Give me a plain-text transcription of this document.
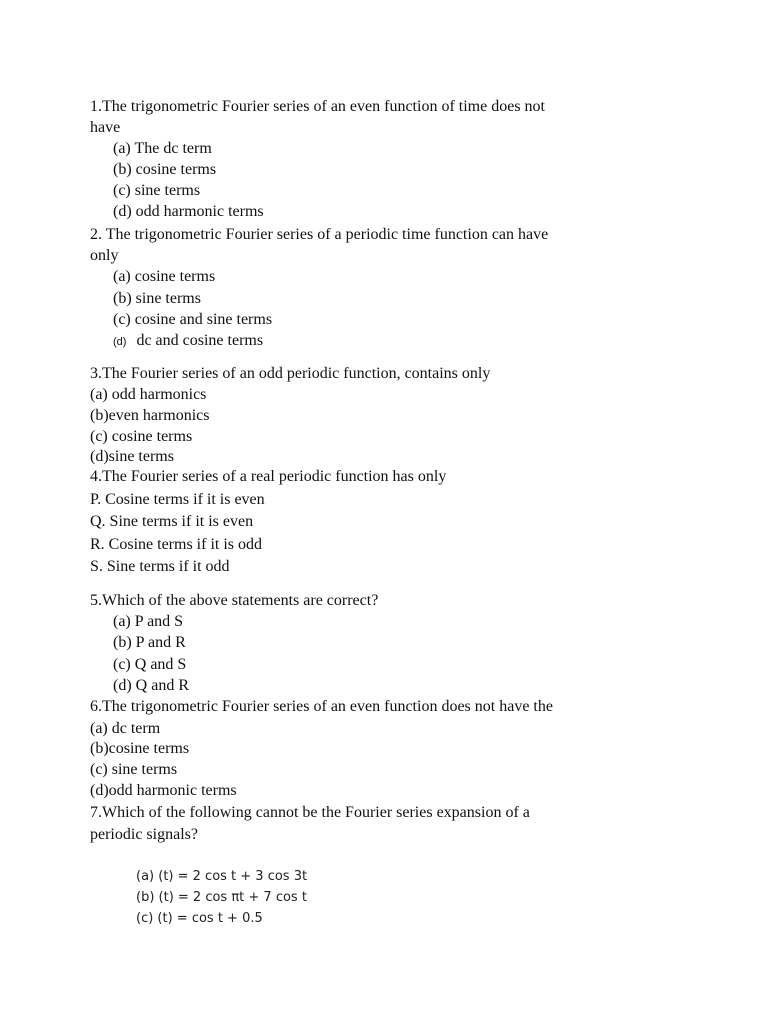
1.The trigonometric Fourier series of an even function of time does not
have
(a) The dc term
(b) cosine terms
(c) sine terms
(d) odd harmonic terms
2. The trigonometric Fourier series of a periodic time function can have
only
(a) cosine terms
(b) sine terms
(c) cosine and sine terms
(d) dc and cosine terms
3.The Fourier series of an odd periodic function, contains only
(a) odd harmonics
(b)even harmonics
(c) cosine terms
(d)sine terms
4.The Fourier series of a real periodic function has only
P. Cosine terms if it is even
Q. Sine terms if it is even
R. Cosine terms if it is odd
S. Sine terms if it odd
5.Which of the above statements are correct?
(a) P and S
(b) P and R
(c) Q and S
(d) Q and R
6.The trigonometric Fourier series of an even function does not have the
(a) dc term
(b)cosine terms
(c) sine terms
(d)odd harmonic terms
7.Which of the following cannot be the Fourier series expansion of a
periodic signals?
(a) (t) = 2 cos t + 3 cos 3t
(b) (t) = 2 cos πt + 7 cos t
(c) (t) = cos t + 0.5
